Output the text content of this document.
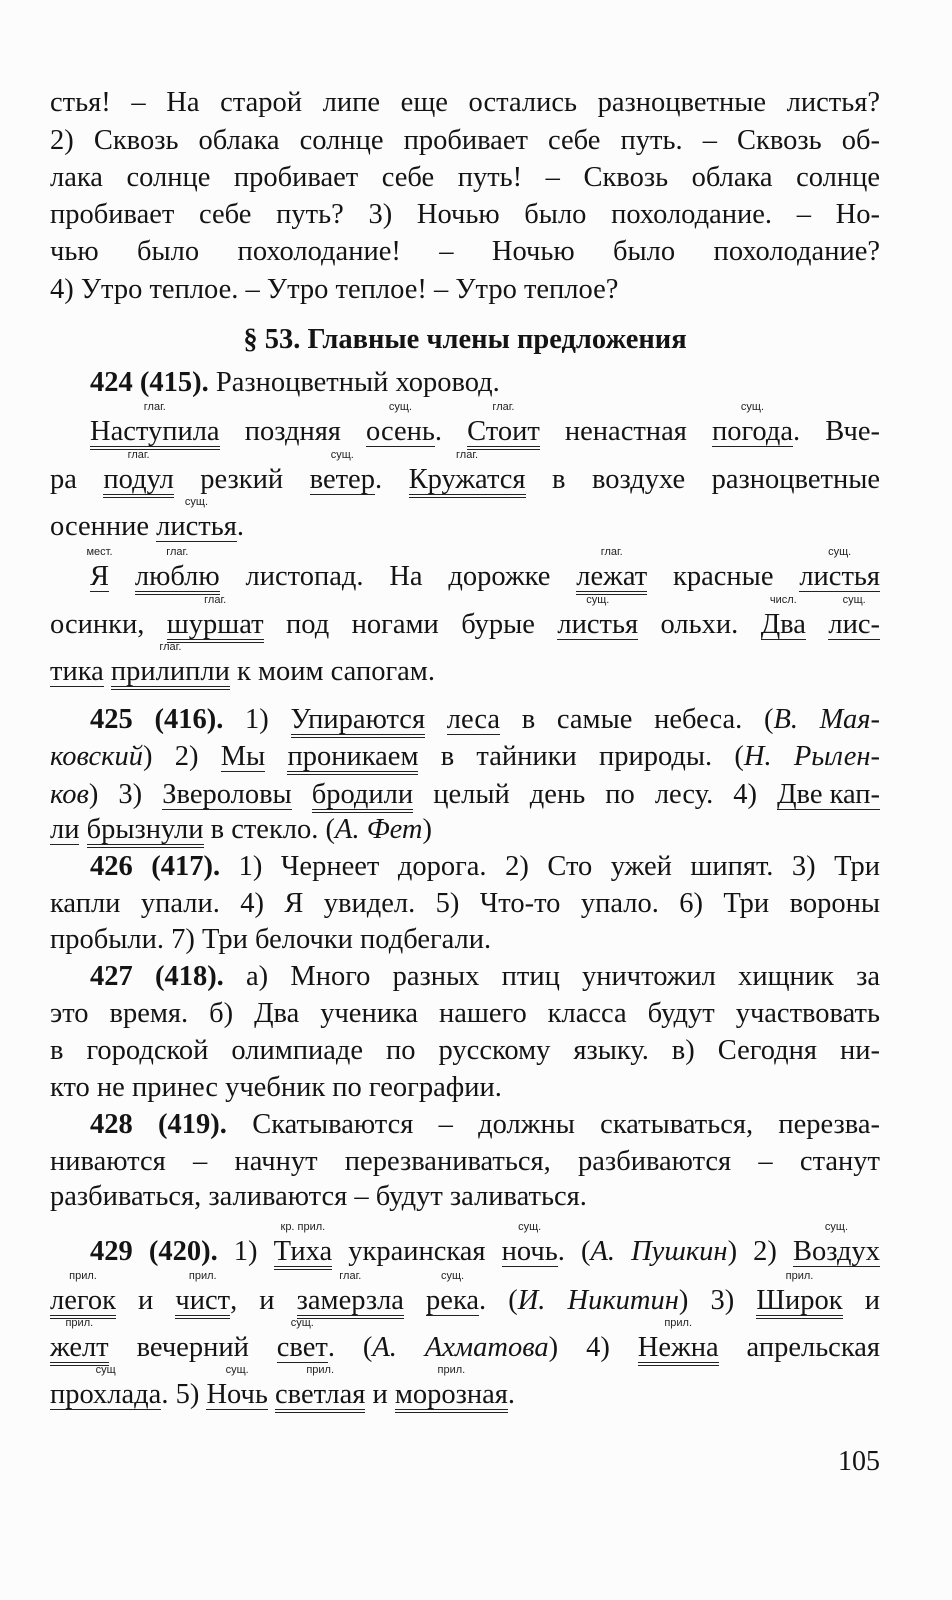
стья! – На старой липе еще остались разноцветные листья?
2) Сквозь облака солнце пробивает себе путь. – Сквозь об-
лака солнце пробивает себе путь! – Сквозь облака солнце
пробивает себе путь? 3) Ночью было похолодание. – Но-
чью было похолодание! – Ночью было похолодание?
4) Утро теплое. – Утро теплое! – Утро теплое?
§ 53. Главные члены предложения
424 (415). Разноцветный хоровод.
Наступила
глаг.
поздняя осень
сущ.
. Стоит
глаг.
ненастная погода
сущ.
. Вче-
ра подул
глаг.
резкий ветер
сущ.
. Кружатся
глаг.
в воздухе разноцветные
осенние листья
сущ.
.
Я
мест.
люблю
глаг.
листопад. На дорожке лежат
глаг.
красные листья
сущ.
осинки, шуршат
глаг.
под ногами бурые листья
сущ.
ольхи. Два
числ.
лис-
сущ.
тика прилипли
глаг.
к моим сапогам.
425 (416). 1) Упираются леса в самые небеса. (В. Мая-
ковский) 2) Мы проникаем в тайники природы. (Н. Рылен-
ков) 3) Звероловы бродили целый день по лесу. 4) Две кап-
ли брызнули в стекло. (А. Фет)
426 (417). 1) Чернеет дорога. 2) Сто ужей шипят. 3) Три
капли упали. 4) Я увидел. 5) Что-то упало. 6) Три вороны
пробыли. 7) Три белочки подбегали.
427 (418). а) Много разных птиц уничтожил хищник за
это время. б) Два ученика нашего класса будут участвовать
в городской олимпиаде по русскому языку. в) Сегодня ни-
кто не принес учебник по географии.
428 (419). Скатываются – должны скатываться, перезва-
ниваются – начнут перезваниваться, разбиваются – станут
разбиваться, заливаются – будут заливаться.
429 (420). 1) Тиха
кр. прил.
украинская ночь
сущ.
. (А. Пушкин) 2) Воздух
сущ.
легок
прил.
и чист
прил.
, и замерзла
глаг.
река
сущ.
. (И. Никитин) 3) Широк
прил.
и
желт
прил.
вечерний свет
сущ.
. (А. Ахматова) 4) Нежна
прил.
апрельская
прохлада
сущ
. 5) Ночь
сущ.
светлая
прил.
и морозная
прил.
.
105
